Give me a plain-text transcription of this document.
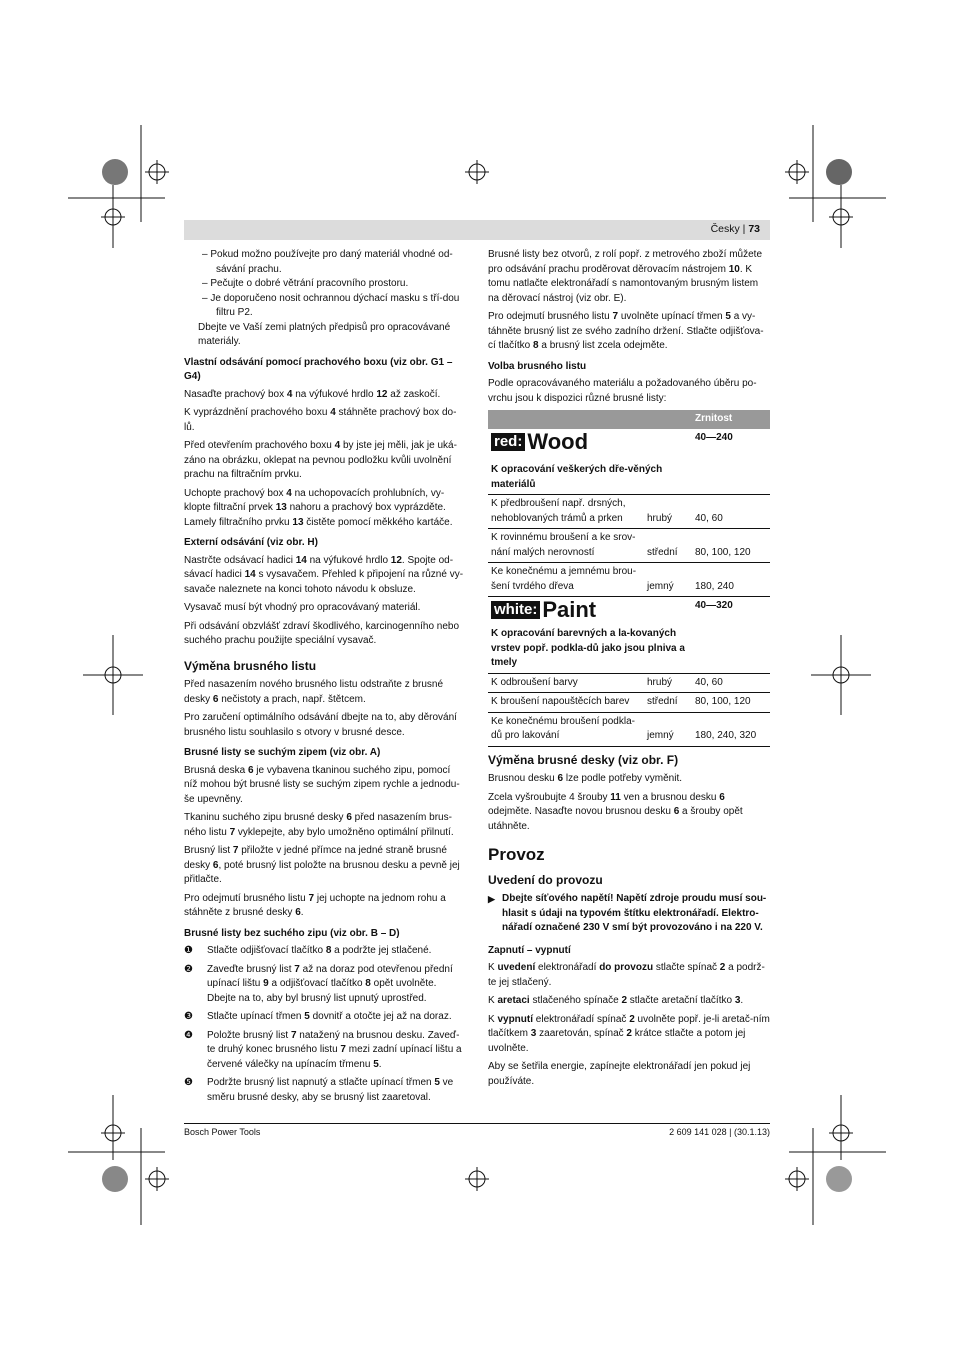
Česky | 73

– Pokud možno používejte pro daný materiál vhodné od-sávání prachu.

– Pečujte o dobré větrání pracovního prostoru.

– Je doporučeno nosit ochrannou dýchací masku s tří-dou filtru P2.

Dbejte ve Vaší zemi platných předpisů pro opracovávané materiály.

Vlastní odsávání pomocí prachového boxu (viz obr. G1 – G4)

Nasaďte prachový box 4 na výfukové hrdlo 12 až zaskočí.

K vyprázdnění prachového boxu 4 stáhněte prachový box do-lů.

Před otevřením prachového boxu 4 by jste jej měli, jak je uká-záno na obrázku, oklepat na pevnou podložku kvůli uvolnění prachu na filtračním prvku.

Uchopte prachový box 4 na uchopovacích prohlubních, vy-klopte filtrační prvek 13 nahoru a prachový box vyprázděte. Lamely filtračního prvku 13 čistěte pomocí měkkého kartáče.

Externí odsávání (viz obr. H)

Nastrčte odsávací hadici 14 na výfukové hrdlo 12. Spojte od-sávací hadici 14 s vysavačem. Přehled k připojení na různé vy-savače naleznete na konci tohoto návodu k obsluze.

Vysavač musí být vhodný pro opracovávaný materiál.

Při odsávání obzvlášť zdraví škodlivého, karcinogenního nebo suchého prachu použijte speciální vysavač.

Výměna brusného listu

Před nasazením nového brusného listu odstraňte z brusné desky 6 nečistoty a prach, např. štětcem.

Pro zaručení optimálního odsávání dbejte na to, aby děrování brusného listu souhlasilo s otvory v brusné desce.

Brusné listy se suchým zipem (viz obr. A)

Brusná deska 6 je vybavena tkaninou suchého zipu, pomocí níž mohou být brusné listy se suchým zipem rychle a jednodu-še upevněny.

Tkaninu suchého zipu brusné desky 6 před nasazením brus-ného listu 7 vyklepejte, aby bylo umožněno optimální přilnutí.

Brusný list 7 přiložte v jedné přímce na jedné straně brusné desky 6, poté brusný list položte na brusnou desku a pevně jej přitlačte.

Pro odejmutí brusného listu 7 jej uchopte na jednom rohu a stáhněte z brusné desky 6.

Brusné listy bez suchého zipu (viz obr. B – D)

❶ Stlačte odjišťovací tlačítko 8 a podržte jej stlačené.

❷ Zaveďte brusný list 7 až na doraz pod otevřenou přední upínací lištu 9 a odjišťovací tlačítko 8 opět uvolněte. Dbejte na to, aby byl brusný list upnutý uprostřed.

❸ Stlačte upínací třmen 5 dovnitř a otočte jej až na doraz.

❹ Položte brusný list 7 natažený na brusnou desku. Zaveď-te druhý konec brusného listu 7 mezi zadní upínací lištu a červené válečky na upínacím třmenu 5.

❺ Podržte brusný list napnutý a stlačte upínací třmen 5 ve směru brusné desky, aby se brusný list zaaretoval.

Brusné listy bez otvorů, z rolí popř. z metrového zboží můžete pro odsávání prachu proděrovat děrovacím nástrojem 10. K tomu natlačte elektronářadí s namontovaným brusným listem na děrovací nástroj (viz obr. E).

Pro odejmutí brusného listu 7 uvolněte upínací třmen 5 a vy-táhněte brusný list ze svého zadního držení. Stlačte odjišťova-cí tlačítko 8 a brusný list zcela odejměte.

Volba brusného listu

Podle opracovávaného materiálu a požadovaného úběru po-vrchu jsou k dispozici různé brusné listy:

		Zrnitost

red: Wood
K opracování veškerých dře-věných materiálů		40—240
K předbroušení např. drsných, nehoblovaných trámů a prken	hrubý	40, 60
K rovinnému broušení a ke srov-nání malých nerovností	střední	80, 100, 120
Ke konečnému a jemnému brou-šení tvrdého dřeva	jemný	180, 240

white: Paint
K opracování barevných a la-kovaných vrstev popř. podkla-dů jako jsou plniva a tmely		40—320
K odbroušení barvy	hrubý	40, 60
K broušení napouštěcích barev	střední	80, 100, 120
Ke konečnému broušení podkla-dů pro lakování	jemný	180, 240, 320
Výměna brusné desky (viz obr. F)

Brusnou desku 6 lze podle potřeby vyměnit.

Zcela vyšroubujte 4 šrouby 11 ven a brusnou desku 6 odejměte. Nasaďte novou brusnou desku 6 a šrouby opět utáhněte.

Provoz
Uvedení do provozu

▶ Dbejte síťového napětí! Napětí zdroje proudu musí sou-hlasit s údaji na typovém štítku elektronářadí. Elektro-nářadí označené 230 V smí být provozováno i na 220 V.

Zapnutí – vypnutí

K uvedení elektronářadí do provozu stlačte spínač 2 a podrž-te jej stlačený.

K aretaci stlačeného spínače 2 stlačte aretační tlačítko 3.

K vypnutí elektronářadí spínač 2 uvolněte popř. je-li aretač-ním tlačítkem 3 zaaretován, spínač 2 krátce stlačte a potom jej uvolněte.

Aby se šetřila energie, zapínejte elektronářadí jen pokud jej používáte.

Bosch Power Tools	2 609 141 028 | (30.1.13)
